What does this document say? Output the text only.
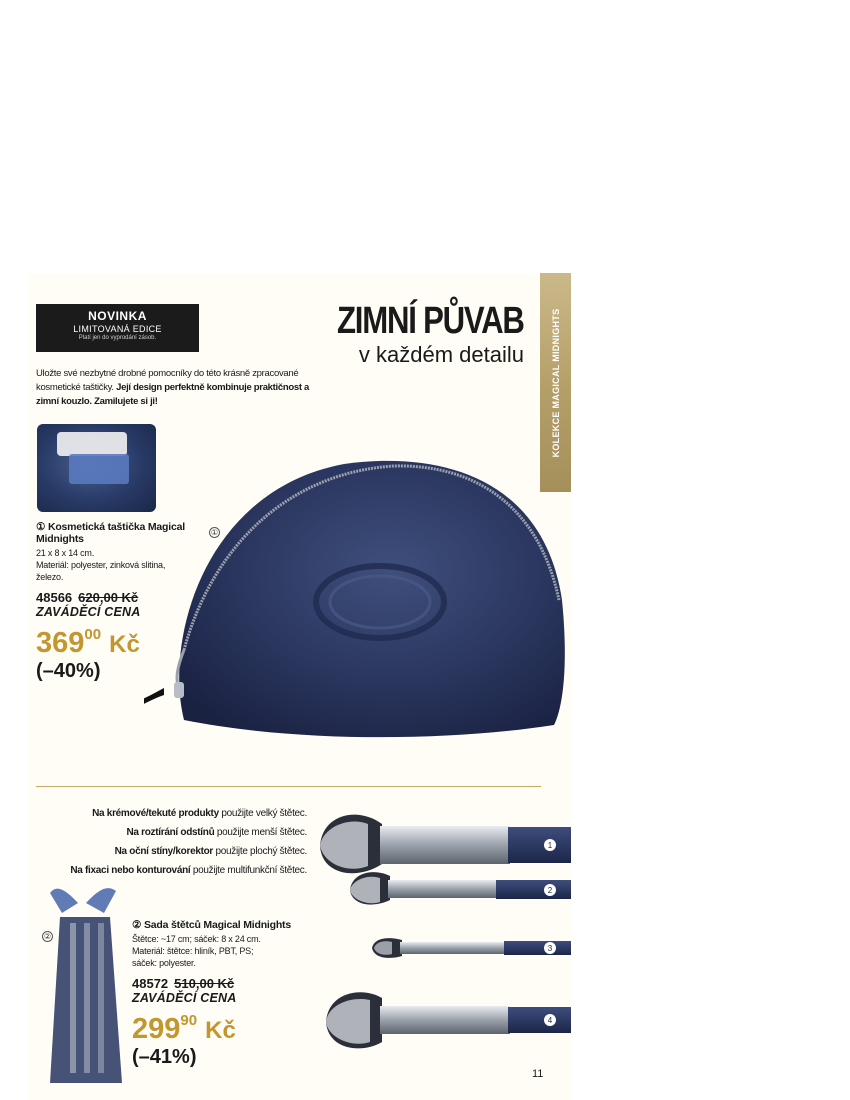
KOLEKCE MAGICAL MIDNIGHTS
NOVINKA
LIMITOVANÁ EDICE
Platí jen do vyprodání zásob.	ZIMNÍ PŮVAB
v každém detailu
Uložte své nezbytné drobné pomocníky do této krásně zpracované kosmetické taštičky. Její design perfektně kombinuje praktičnost a zimní kouzlo. Zamilujete si ji!
①
① Kosmetická taštička Magical Midnights
21 x 8 x 14 cm.
Materiál: polyester, zinková slitina, železo.
48566 620,00 Kč
ZAVÁDĚCÍ CENA
$369^{00}$ Kč
(–40%)
Na krémové/tekuté produkty použijte velký štětec.
Na roztírání odstínů použijte menší štětec.
Na oční stíny/korektor použijte plochý štětec.
Na fixaci nebo konturování použijte multifunkční štětec.
②
② Sada štětců Magical Midnights
Štětce: ~17 cm; sáček: 8 x 24 cm.
Materiál: štětce: hliník, PBT, PS;
sáček: polyester.
48572 510,00 Kč
ZAVÁDĚCÍ CENA
$299^{90}$ Kč
(–41%)
1
2
3
4
11
